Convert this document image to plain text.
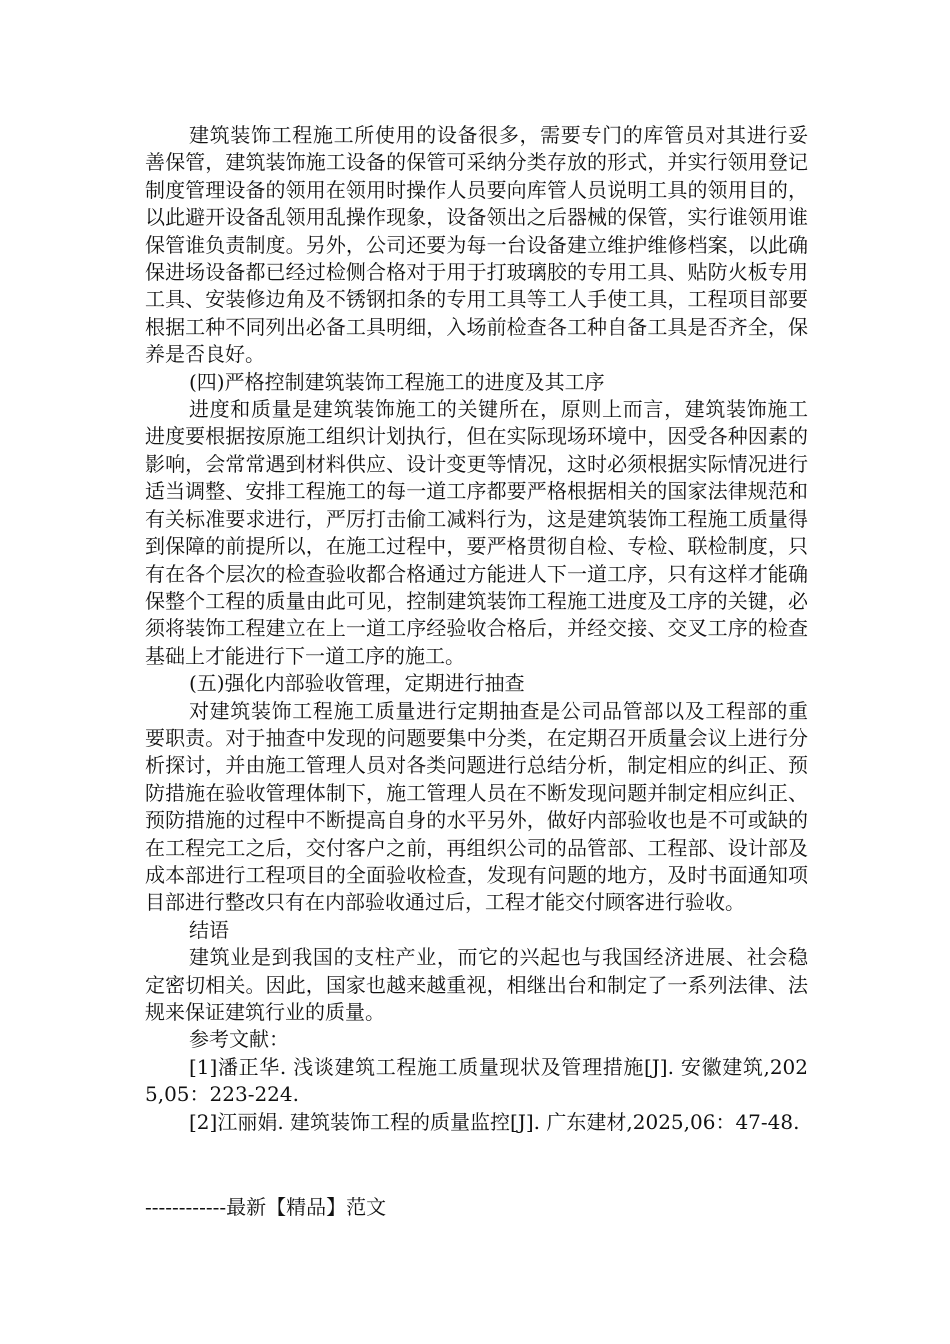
建筑装饰工程施工所使用的设备很多，需要专门的库管员对其进行妥善保管，建筑装饰施工设备的保管可采纳分类存放的形式，并实行领用登记制度管理设备的领用在领用时操作人员要向库管人员说明工具的领用目的，以此避开设备乱领用乱操作现象，设备领出之后器械的保管，实行谁领用谁保管谁负责制度。另外，公司还要为每一台设备建立维护维修档案，以此确保进场设备都已经过检侧合格对于用于打玻璃胶的专用工具、贴防火板专用工具、安装修边角及不锈钢扣条的专用工具等工人手使工具，工程项目部要根据工种不同列出必备工具明细，入场前检查各工种自备工具是否齐全，保养是否良好。

(四)严格控制建筑装饰工程施工的进度及其工序

进度和质量是建筑装饰施工的关键所在，原则上而言，建筑装饰施工进度要根据按原施工组织计划执行，但在实际现场环境中，因受各种因素的影响，会常常遇到材料供应、设计变更等情况，这时必须根据实际情况进行适当调整、安排工程施工的每一道工序都要严格根据相关的国家法律规范和有关标准要求进行，严厉打击偷工减料行为，这是建筑装饰工程施工质量得到保障的前提所以，在施工过程中，要严格贯彻自检、专检、联检制度，只有在各个层次的检查验收都合格通过方能进人下一道工序，只有这样才能确保整个工程的质量由此可见，控制建筑装饰工程施工进度及工序的关键，必须将装饰工程建立在上一道工序经验收合格后，并经交接、交叉工序的检查基础上才能进行下一道工序的施工。

(五)强化内部验收管理，定期进行抽查

对建筑装饰工程施工质量进行定期抽查是公司品管部以及工程部的重要职责。对于抽查中发现的问题要集中分类，在定期召开质量会议上进行分析探讨，并由施工管理人员对各类问题进行总结分析，制定相应的纠正、预防措施在验收管理体制下，施工管理人员在不断发现问题并制定相应纠正、预防措施的过程中不断提高自身的水平另外，做好内部验收也是不可或缺的在工程完工之后，交付客户之前，再组织公司的品管部、工程部、设计部及成本部进行工程项目的全面验收检查，发现有问题的地方，及时书面通知项目部进行整改只有在内部验收通过后，工程才能交付顾客进行验收。

结语

建筑业是到我国的支柱产业，而它的兴起也与我国经济进展、社会稳定密切相关。因此，国家也越来越重视，相继出台和制定了一系列法律、法规来保证建筑行业的质量。

参考文献：

[1]潘正华. 浅谈建筑工程施工质量现状及管理措施[J]. 安徽建筑,2025,05：223-224.

[2]江丽娟. 建筑装饰工程的质量监控[J]. 广东建材,2025,06：47-48.

------------最新【精品】范文
